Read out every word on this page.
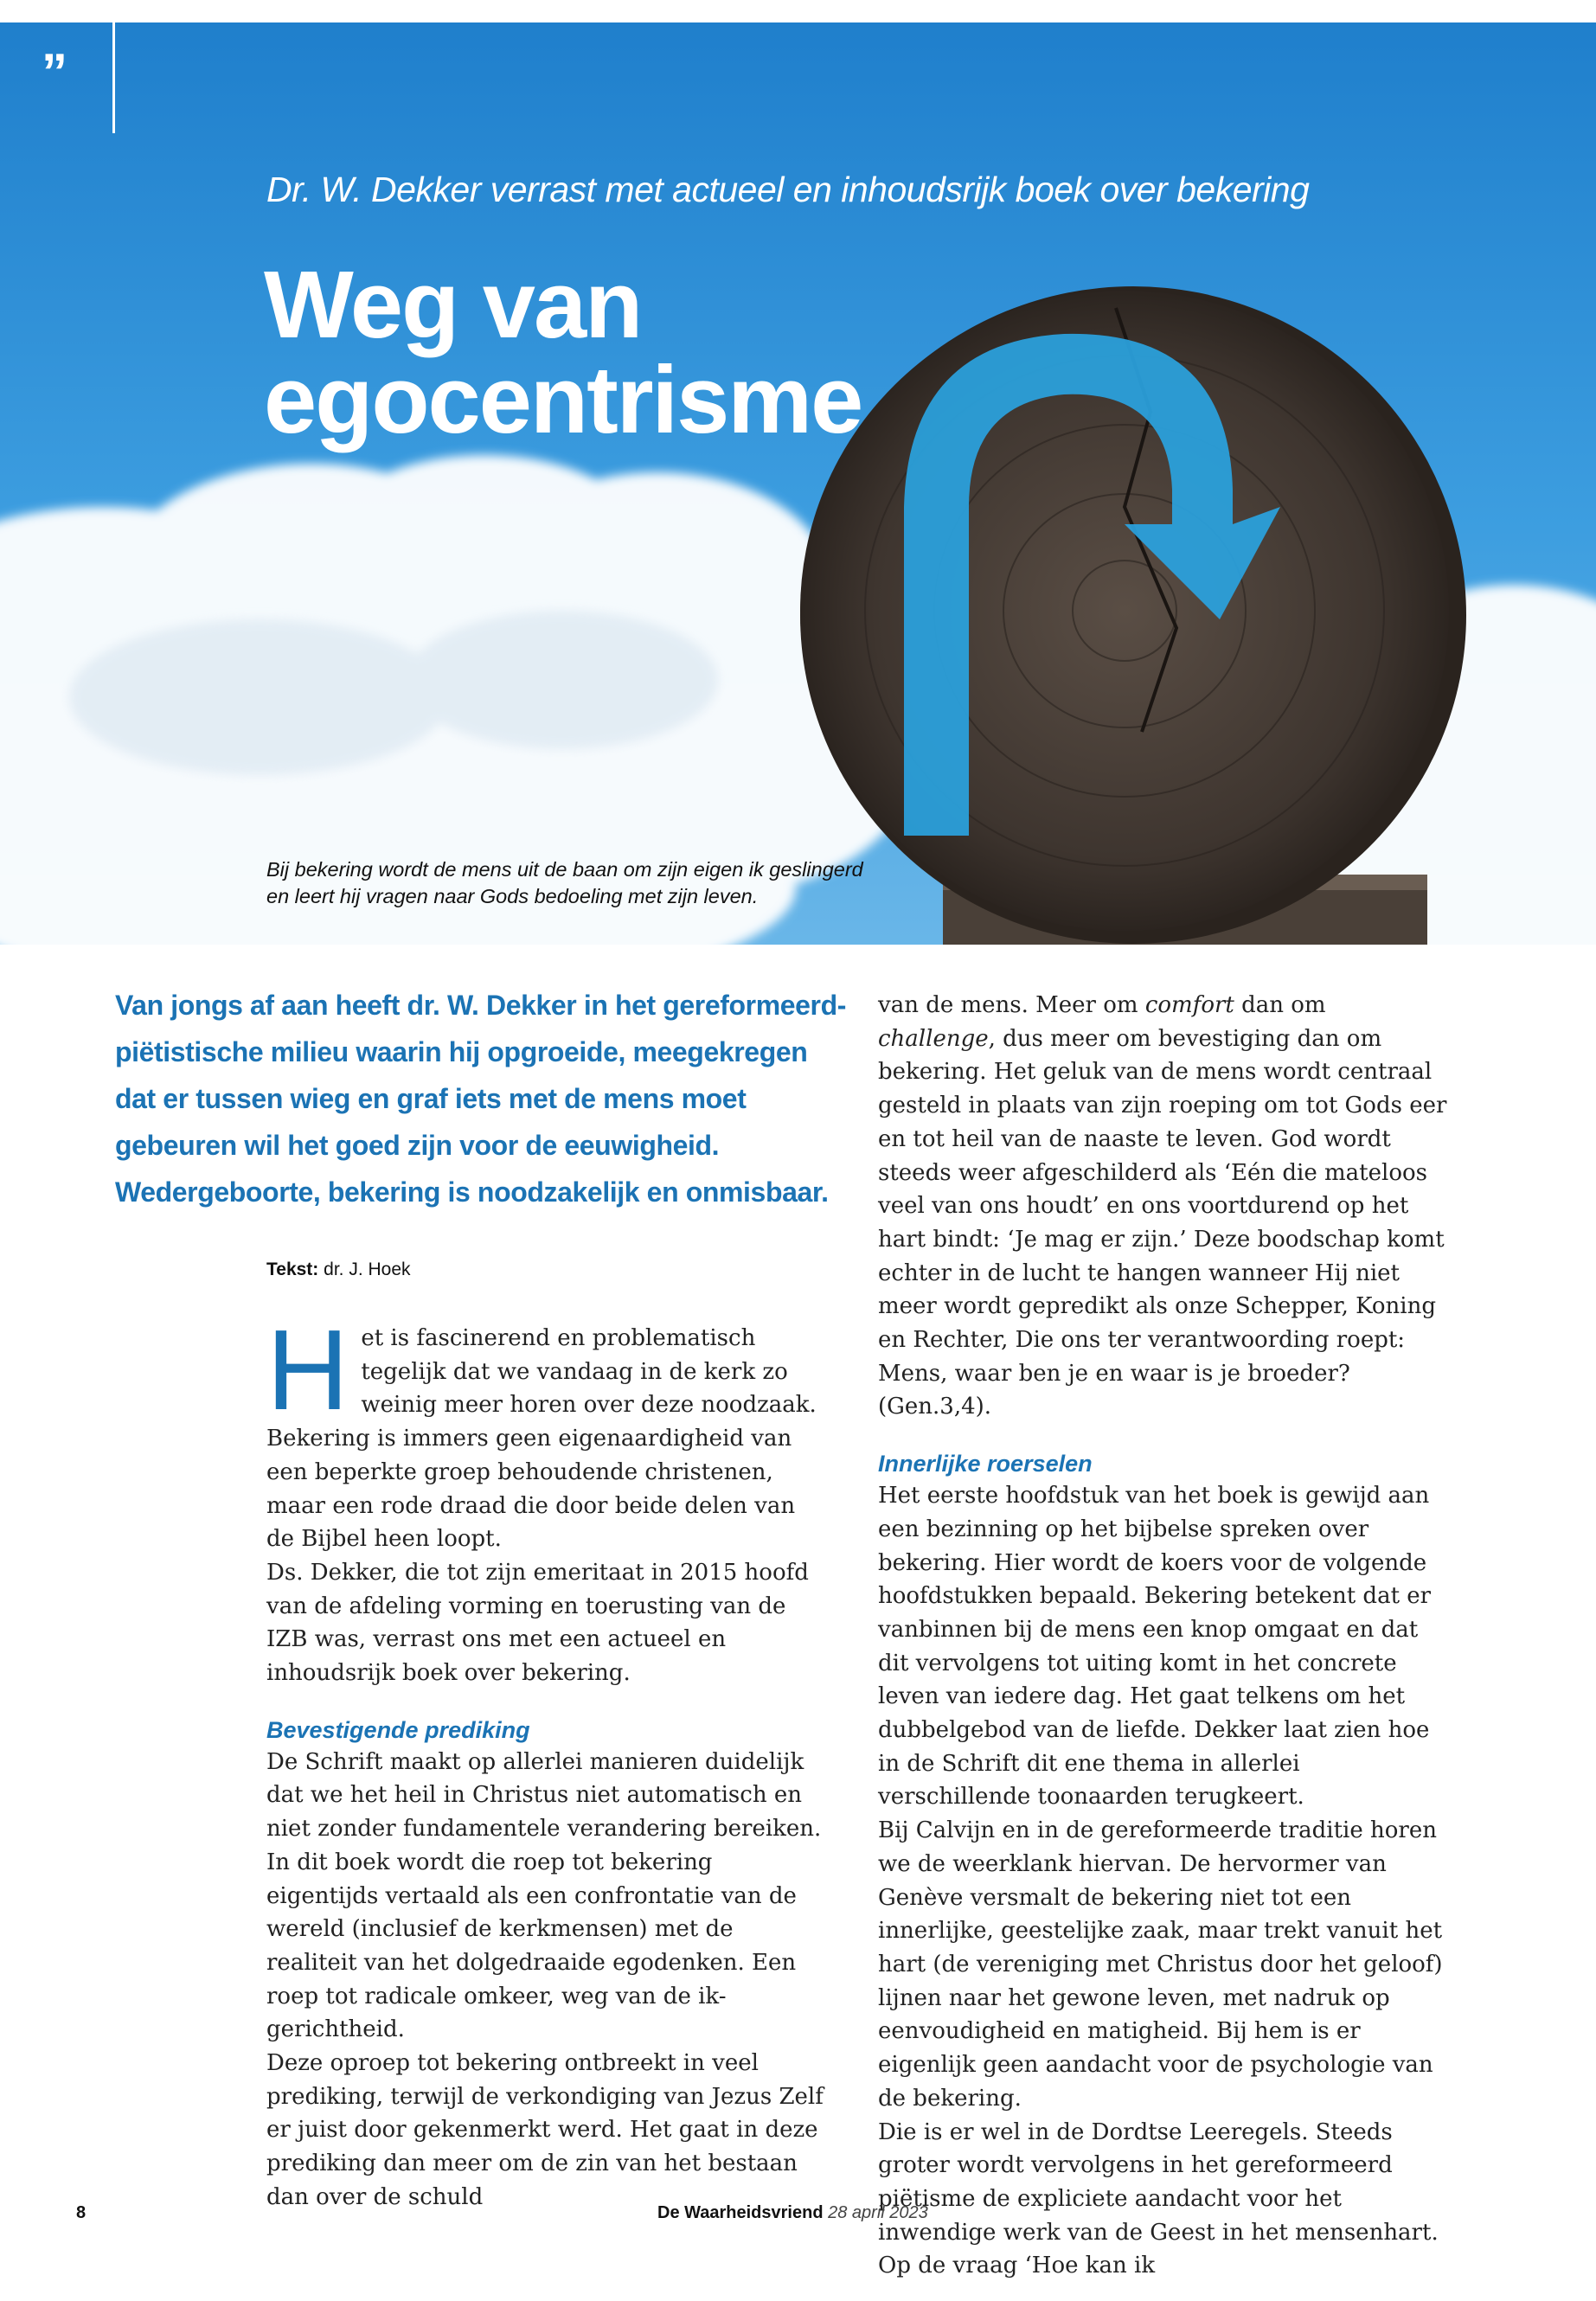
”
Dr. W. Dekker verrast met actueel en inhoudsrijk boek over bekering
Weg van
egocentrisme
Bij bekering wordt de mens uit de baan om zijn eigen ik geslingerd
en leert hij vragen naar Gods bedoeling met zijn leven.
Van jongs af aan heeft dr. W. Dekker in het gereformeerd-piëtistische milieu waarin hij opgroeide, meegekregen dat er tussen wieg en graf iets met de mens moet gebeuren wil het goed zijn voor de eeuwigheid. Wedergeboorte, bekering is noodzakelijk en onmisbaar.
Tekst: dr. J. Hoek

Het is fascinerend en problematisch tegelijk dat we vandaag in de kerk zo weinig meer horen over deze noodzaak. Bekering is immers geen eigenaardigheid van een beperkte groep behoudende christenen, maar een rode draad die door beide delen van de Bijbel heen loopt.

Ds. Dekker, die tot zijn emeritaat in 2015 hoofd van de afdeling vorming en toerusting van de IZB was, verrast ons met een actueel en inhoudsrijk boek over bekering.

Bevestigende prediking

De Schrift maakt op allerlei manieren duidelijk dat we het heil in Christus niet automatisch en niet zonder fundamentele verandering bereiken. In dit boek wordt die roep tot bekering eigentijds vertaald als een confrontatie van de wereld (inclusief de kerkmensen) met de realiteit van het dolgedraaide egodenken. Een roep tot radicale omkeer, weg van de ik-gerichtheid.

Deze oproep tot bekering ontbreekt in veel prediking, terwijl de verkondiging van Jezus Zelf er juist door gekenmerkt werd. Het gaat in deze prediking dan meer om de zin van het bestaan dan over de schuld

van de mens. Meer om comfort dan om challenge, dus meer om bevestiging dan om bekering. Het geluk van de mens wordt centraal gesteld in plaats van zijn roeping om tot Gods eer en tot heil van de naaste te leven. God wordt steeds weer afgeschilderd als ‘Eén die mateloos veel van ons houdt’ en ons voortdurend op het hart bindt: ‘Je mag er zijn.’ Deze boodschap komt echter in de lucht te hangen wanneer Hij niet meer wordt gepredikt als onze Schepper, Koning en Rechter, Die ons ter verantwoording roept: Mens, waar ben je en waar is je broeder? (Gen.3,4).

Innerlijke roerselen

Het eerste hoofdstuk van het boek is gewijd aan een bezinning op het bijbelse spreken over bekering. Hier wordt de koers voor de volgende hoofdstukken bepaald. Bekering betekent dat er vanbinnen bij de mens een knop omgaat en dat dit vervolgens tot uiting komt in het concrete leven van iedere dag. Het gaat telkens om het dubbelgebod van de liefde. Dekker laat zien hoe in de Schrift dit ene thema in allerlei verschillende toonaarden terugkeert.

Bij Calvijn en in de gereformeerde traditie horen we de weerklank hiervan. De hervormer van Genève versmalt de bekering niet tot een innerlijke, geestelijke zaak, maar trekt vanuit het hart (de vereniging met Christus door het geloof) lijnen naar het gewone leven, met nadruk op eenvoudigheid en matigheid. Bij hem is er eigenlijk geen aandacht voor de psychologie van de bekering.

Die is er wel in de Dordtse Leeregels. Steeds groter wordt vervolgens in het gereformeerd piëtisme de expliciete aandacht voor het inwendige werk van de Geest in het mensenhart. Op de vraag ‘Hoe kan ik

8	De Waarheidsvriend 28 april 2023
